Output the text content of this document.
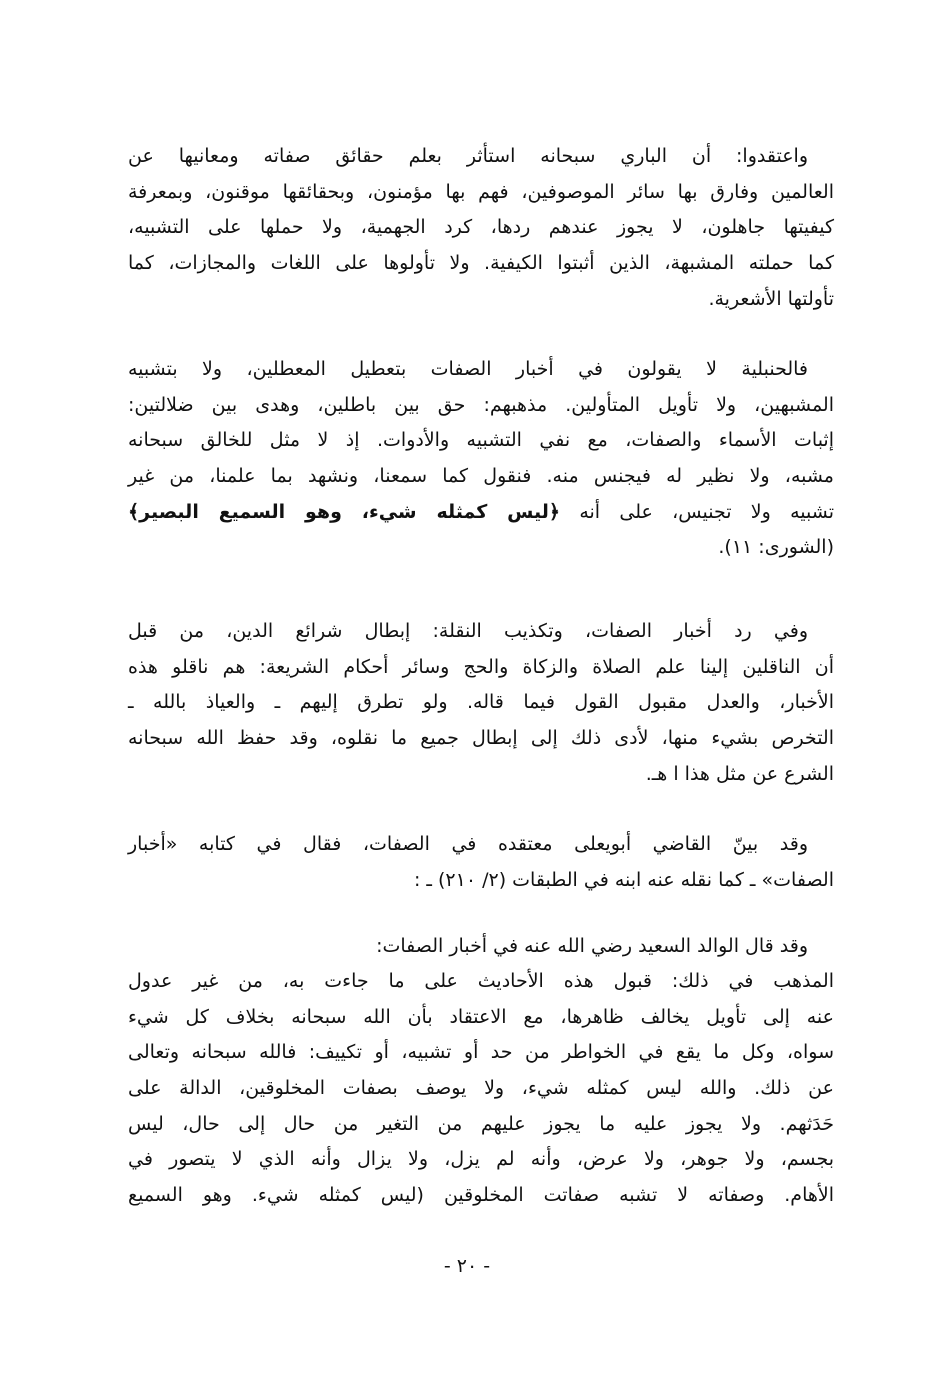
واعتقدوا: أن الباري سبحانه استأثر بعلم حقائق صفاته ومعانيها عن
العالمين وفارق بها سائر الموصوفين، فهم بها مؤمنون، وبحقائقها موقنون، وبمعرفة
كيفيتها جاهلون، لا يجوز عندهم ردها، كرد الجهمية، ولا حملها على التشبيه،
كما حملته المشبهة، الذين أثبتوا الكيفية. ولا تأولوها على اللغات والمجازات، كما
تأولتها الأشعرية.
فالحنبلية لا يقولون في أخبار الصفات بتعطيل المعطلين، ولا بتشبيه
المشبهين، ولا تأويل المتأولين. مذهبهم: حق بين باطلين، وهدى بين ضلالتين:
إثبات الأسماء والصفات، مع نفي التشبيه والأدوات. إذ لا مثل للخالق سبحانه
مشبه، ولا نظير له فيجنس منه. فنقول كما سمعنا، ونشهد بما علمنا، من غير
تشبيه ولا تجنيس، على أنه ﴿ليس كمثله شيء، وهو السميع البصير﴾
(الشورى: ١١).
وفي رد أخبار الصفات، وتكذيب النقلة: إبطال شرائع الدين، من قبل
أن الناقلين إلينا علم الصلاة والزكاة والحج وسائر أحكام الشريعة: هم ناقلو هذه
الأخبار، والعدل مقبول القول فيما قاله. ولو تطرق إليهم ـ والعياذ بالله ـ
التخرص بشيء منها، لأدى ذلك إلى إبطال جميع ما نقلوه، وقد حفظ الله سبحانه
الشرع عن مثل هذا ا هـ.
وقد بينّ القاضي أبويعلى معتقده في الصفات، فقال في كتابه «أخبار
الصفات» ـ كما نقله عنه ابنه في الطبقات (٢/ ٢١٠) ـ :
وقد قال الوالد السعيد رضي الله عنه في أخبار الصفات:
المذهب في ذلك: قبول هذه الأحاديث على ما جاءت به، من غير عدول
عنه إلى تأويل يخالف ظاهرها، مع الاعتقاد بأن الله سبحانه بخلاف كل شيء
سواه، وكل ما يقع في الخواطر من حد أو تشبيه، أو تكييف: فالله سبحانه وتعالى
عن ذلك. والله ليس كمثله شيء، ولا يوصف بصفات المخلوقين، الدالة على
حَدَثهم. ولا يجوز عليه ما يجوز عليهم من التغير من حال إلى حال، ليس
بجسم، ولا جوهر، ولا عرض، وأنه لم يزل، ولا يزال وأنه الذي لا يتصور في
الأهام. وصفاته لا تشبه صفاتت المخلوقين (ليس كمثله شيء. وهو السميع
- ٢٠ -
